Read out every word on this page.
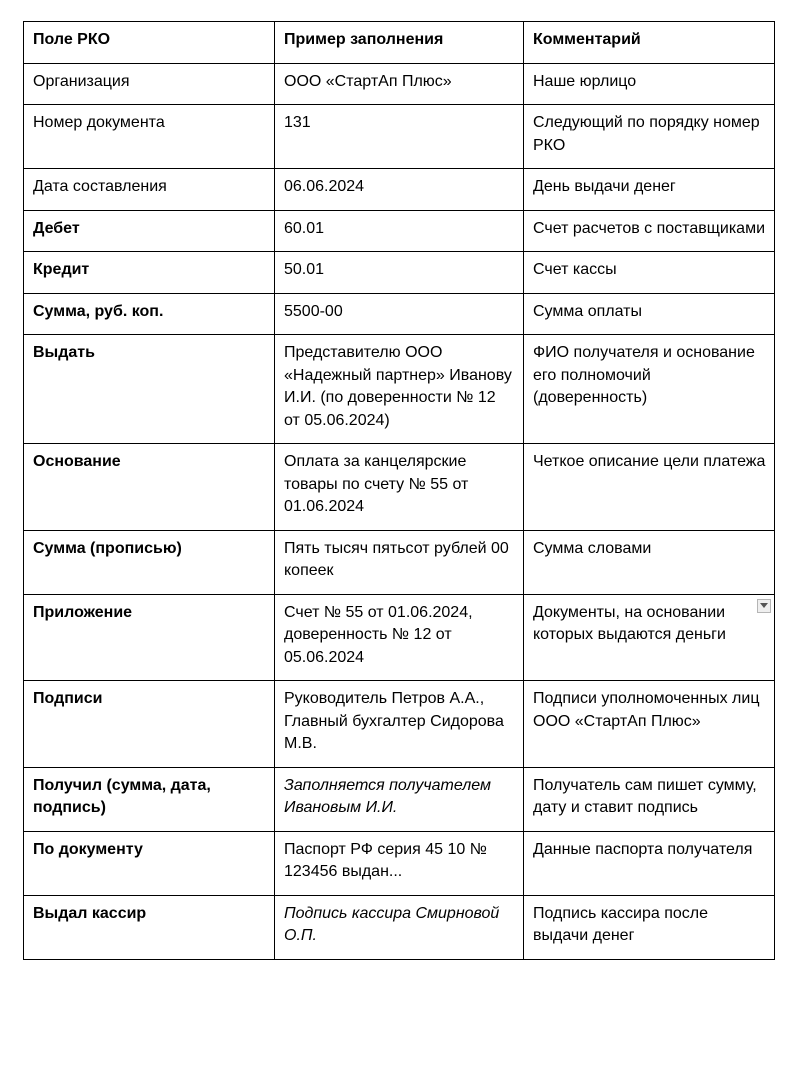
Поле РКО	Пример заполнения	Комментарий
Организация	ООО «СтартАп Плюс»	Наше юрлицо
Номер документа	131	Следующий по порядку номер РКО
Дата составления	06.06.2024	День выдачи денег
Дебет	60.01	Счет расчетов с поставщиками
Кредит	50.01	Счет кассы
Сумма, руб. коп.	5500-00	Сумма оплаты
Выдать	Представителю ООО «Надежный партнер» Иванову И.И. (по доверенности № 12 от 05.06.2024)	ФИО получателя и основание его полномочий (доверенность)
Основание	Оплата за канцелярские товары по счету № 55 от 01.06.2024	Четкое описание цели платежа
Сумма (прописью)	Пять тысяч пятьсот рублей 00 копеек	Сумма словами
Приложение	Счет № 55 от 01.06.2024, доверенность № 12 от 05.06.2024	Документы, на основании которых выдаются деньги

Подписи	Руководитель Петров А.А., Главный бухгалтер Сидорова М.В.	Подписи уполномоченных лиц ООО «СтартАп Плюс»
Получил (сумма, дата, подпись)	Заполняется получателем Ивановым И.И.	Получатель сам пишет сумму, дату и ставит подпись
По документу	Паспорт РФ серия 45 10 № 123456 выдан...	Данные паспорта получателя
Выдал кассир	Подпись кассира Смирновой О.П.	Подпись кассира после выдачи денег
